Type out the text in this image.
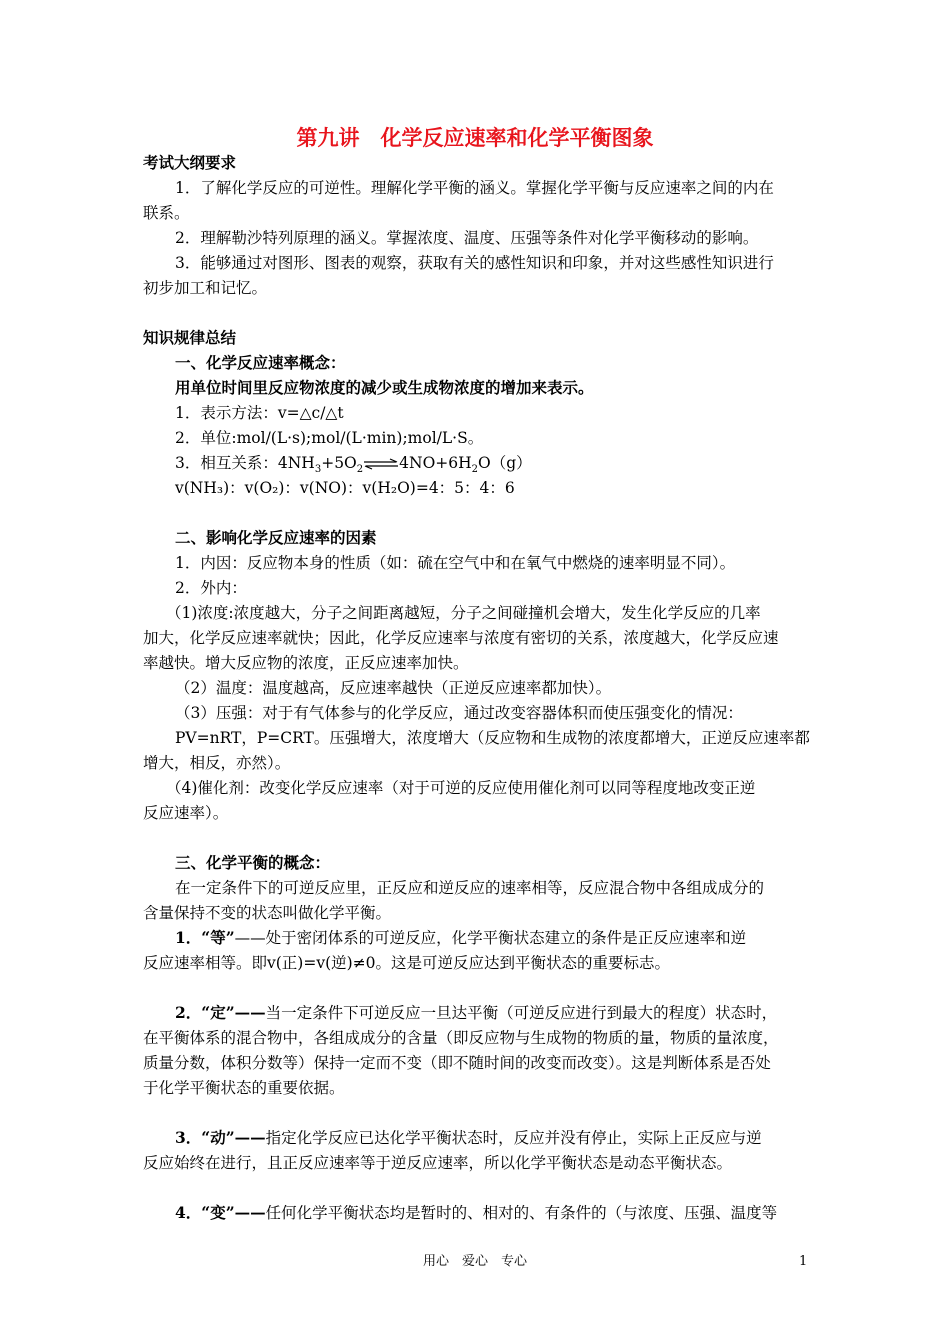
第九讲　化学反应速率和化学平衡图象
考试大纲要求
1．了解化学反应的可逆性。理解化学平衡的涵义。掌握化学平衡与反应速率之间的内在
联系。
2．理解勒沙特列原理的涵义。掌握浓度、温度、压强等条件对化学平衡移动的影响。
3．能够通过对图形、图表的观察，获取有关的感性知识和印象，并对这些感性知识进行
初步加工和记忆。
知识规律总结
一、化学反应速率概念：
用单位时间里反应物浓度的减少或生成物浓度的增加来表示。
1．表示方法：v=△c/△t
2．单位:mol/(L·s);mol/(L·min);mol/L·S。
3．相互关系：$4NH_3+5O_2\rightleftharpoons 4NO+6H_2O(g)$
v(NH₃)：v(O₂)：v(NO)：v(H₂O)=4：5：4：6
二、影响化学反应速率的因素
1．内因：反应物本身的性质（如：硫在空气中和在氧气中燃烧的速率明显不同）。
2．外内：
（1)浓度:浓度越大，分子之间距离越短，分子之间碰撞机会增大，发生化学反应的几率
加大，化学反应速率就快；因此，化学反应速率与浓度有密切的关系，浓度越大，化学反应速
率越快。增大反应物的浓度，正反应速率加快。
（2）温度：温度越高，反应速率越快（正逆反应速率都加快）。
（3）压强：对于有气体参与的化学反应，通过改变容器体积而使压强变化的情况：
PV=nRT，P=CRT。压强增大，浓度增大（反应物和生成物的浓度都增大，正逆反应速率都
增大，相反，亦然）。
（4)催化剂：改变化学反应速率（对于可逆的反应使用催化剂可以同等程度地改变正逆
反应速率）。
三、化学平衡的概念：
在一定条件下的可逆反应里，正反应和逆反应的速率相等，反应混合物中各组成成分的
含量保持不变的状态叫做化学平衡。
1．“等”——处于密闭体系的可逆反应，化学平衡状态建立的条件是正反应速率和逆
反应速率相等。即v(正)=v(逆)≠0。这是可逆反应达到平衡状态的重要标志。
2．“定”——当一定条件下可逆反应一旦达平衡（可逆反应进行到最大的程度）状态时，
在平衡体系的混合物中，各组成成分的含量（即反应物与生成物的物质的量，物质的量浓度，
质量分数，体积分数等）保持一定而不变（即不随时间的改变而改变）。这是判断体系是否处
于化学平衡状态的重要依据。
3．“动”——指定化学反应已达化学平衡状态时，反应并没有停止，实际上正反应与逆
反应始终在进行，且正反应速率等于逆反应速率，所以化学平衡状态是动态平衡状态。
4．“变”——任何化学平衡状态均是暂时的、相对的、有条件的（与浓度、压强、温度等
用心　爱心　专心	1
